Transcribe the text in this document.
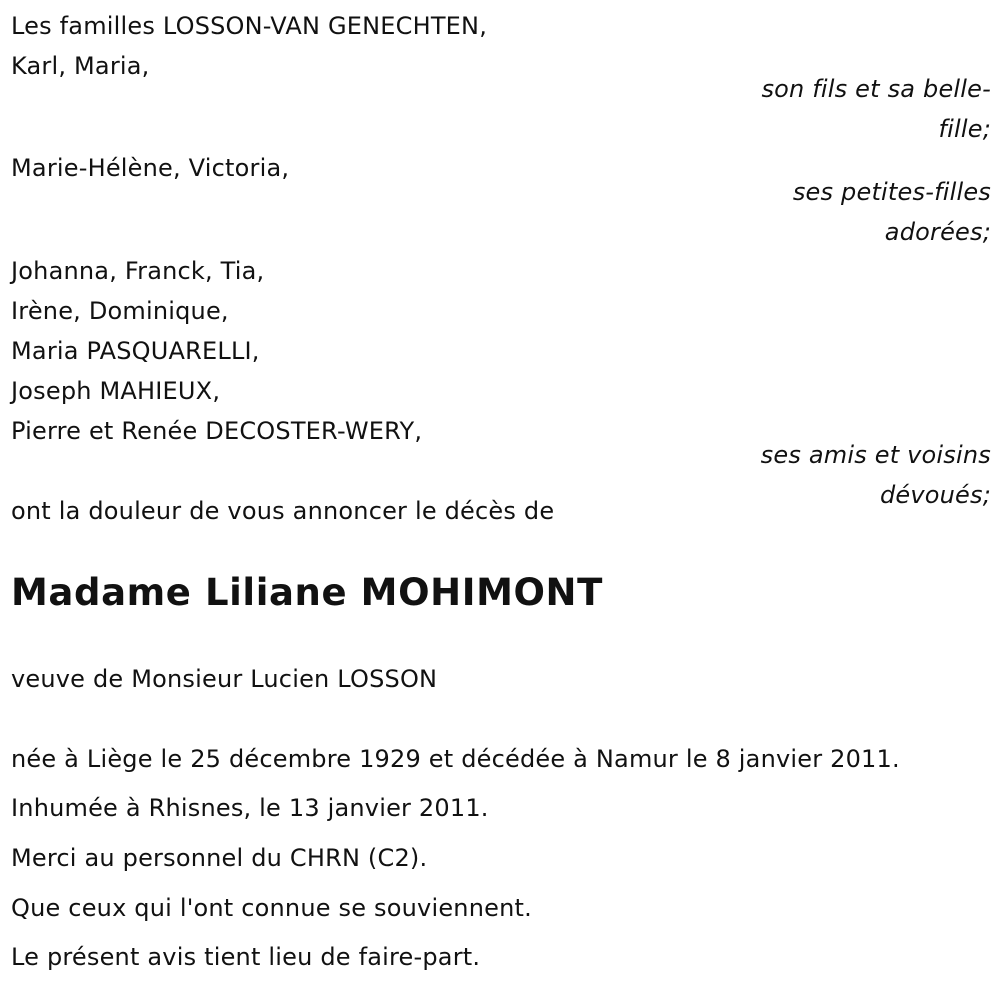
Les familles LOSSON-VAN GENECHTEN,
Karl, Maria,
son fils et sa belle-
fille;
Marie-Hélène, Victoria,
ses petites-filles
adorées;
Johanna, Franck, Tia,
Irène, Dominique,
Maria PASQUARELLI,
Joseph MAHIEUX,
Pierre et Renée DECOSTER-WERY,
ses amis et voisins
dévoués;
ont la douleur de vous annoncer le décès de
Madame Liliane MOHIMONT
veuve de Monsieur Lucien LOSSON
née à Liège le 25 décembre 1929 et décédée à Namur le 8 janvier 2011.
Inhumée à Rhisnes, le 13 janvier 2011.
Merci au personnel du CHRN (C2).
Que ceux qui l'ont connue se souviennent.
Le présent avis tient lieu de faire-part.
